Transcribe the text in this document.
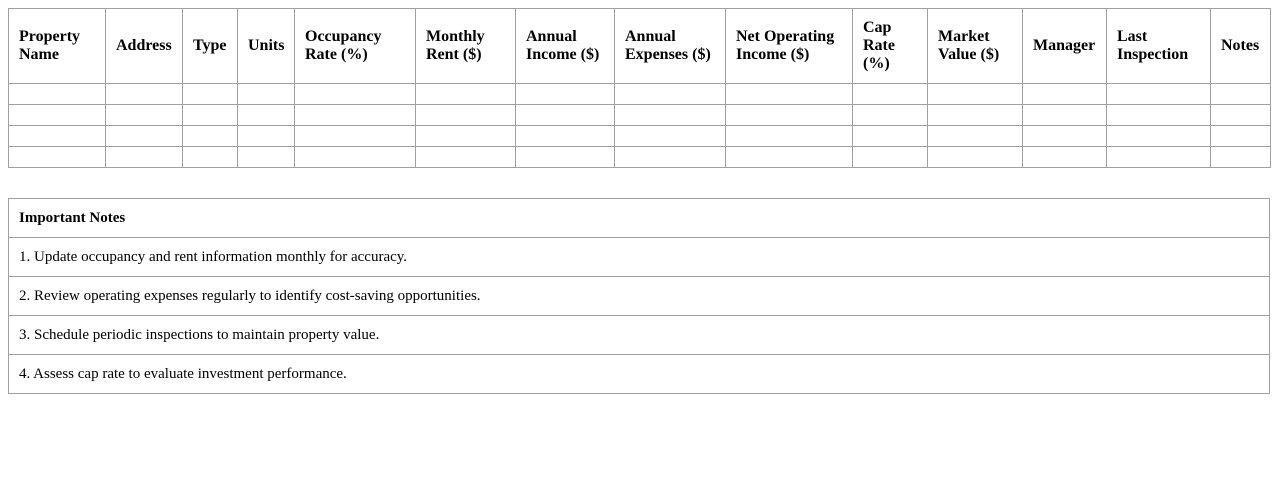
Property Name	Address	Type	Units	Occupancy Rate (%)	Monthly Rent ($)	Annual Income ($)	Annual Expenses ($)	Net Operating Income ($)	Cap Rate (%)	Market Value ($)	Manager	Last Inspection	Notes

Important Notes
1. Update occupancy and rent information monthly for accuracy.
2. Review operating expenses regularly to identify cost-saving opportunities.
3. Schedule periodic inspections to maintain property value.
4. Assess cap rate to evaluate investment performance.
